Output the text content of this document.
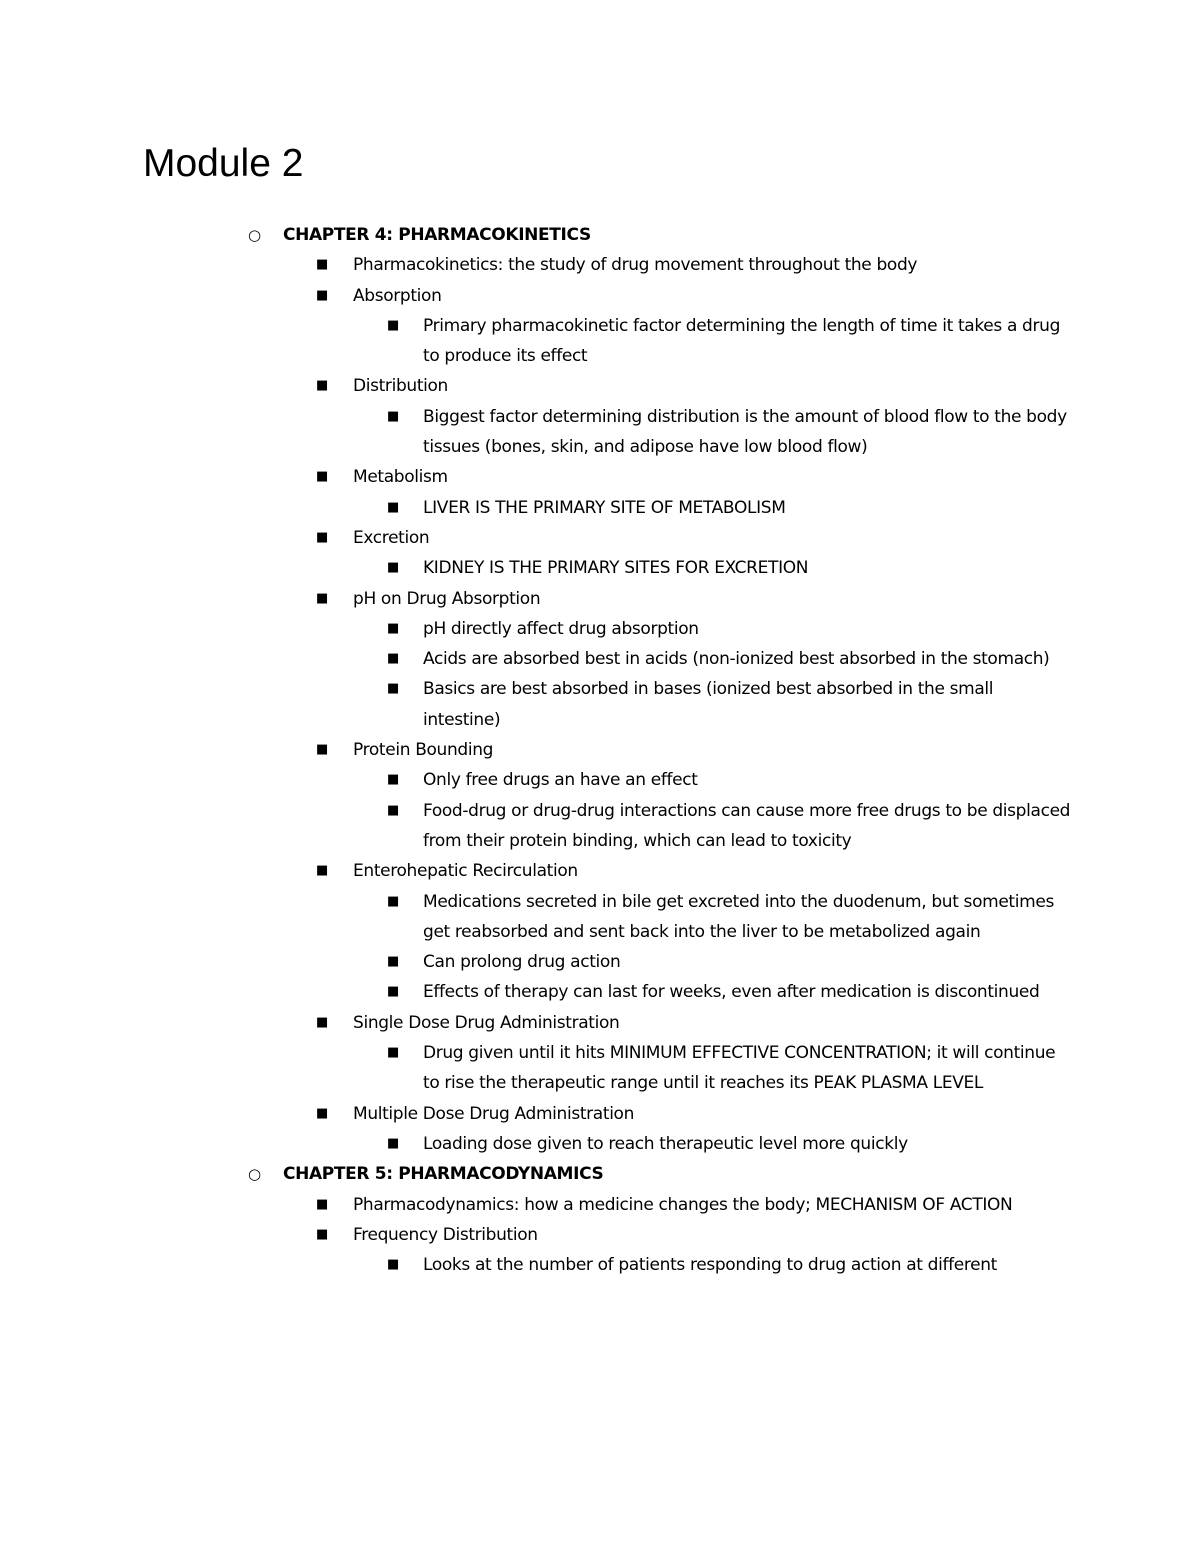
Module 2
○ CHAPTER 4: PHARMACOKINETICS
■ Pharmacokinetics: the study of drug movement throughout the body
■ Absorption
■ Primary pharmacokinetic factor determining the length of time it takes a drug to produce its effect
■ Distribution
■ Biggest factor determining distribution is the amount of blood flow to the body tissues (bones, skin, and adipose have low blood flow)
■ Metabolism
■ LIVER IS THE PRIMARY SITE OF METABOLISM
■ Excretion
■ KIDNEY IS THE PRIMARY SITES FOR EXCRETION
■ pH on Drug Absorption
■ pH directly affect drug absorption
■ Acids are absorbed best in acids (non-ionized best absorbed in the stomach)
■ Basics are best absorbed in bases (ionized best absorbed in the small intestine)
■ Protein Bounding
■ Only free drugs an have an effect
■ Food-drug or drug-drug interactions can cause more free drugs to be displaced from their protein binding, which can lead to toxicity
■ Enterohepatic Recirculation
■ Medications secreted in bile get excreted into the duodenum, but sometimes get reabsorbed and sent back into the liver to be metabolized again
■ Can prolong drug action
■ Effects of therapy can last for weeks, even after medication is discontinued
■ Single Dose Drug Administration
■ Drug given until it hits MINIMUM EFFECTIVE CONCENTRATION; it will continue to rise the therapeutic range until it reaches its PEAK PLASMA LEVEL
■ Multiple Dose Drug Administration
■ Loading dose given to reach therapeutic level more quickly
○ CHAPTER 5: PHARMACODYNAMICS
■ Pharmacodynamics: how a medicine changes the body; MECHANISM OF ACTION
■ Frequency Distribution
■ Looks at the number of patients responding to drug action at different
